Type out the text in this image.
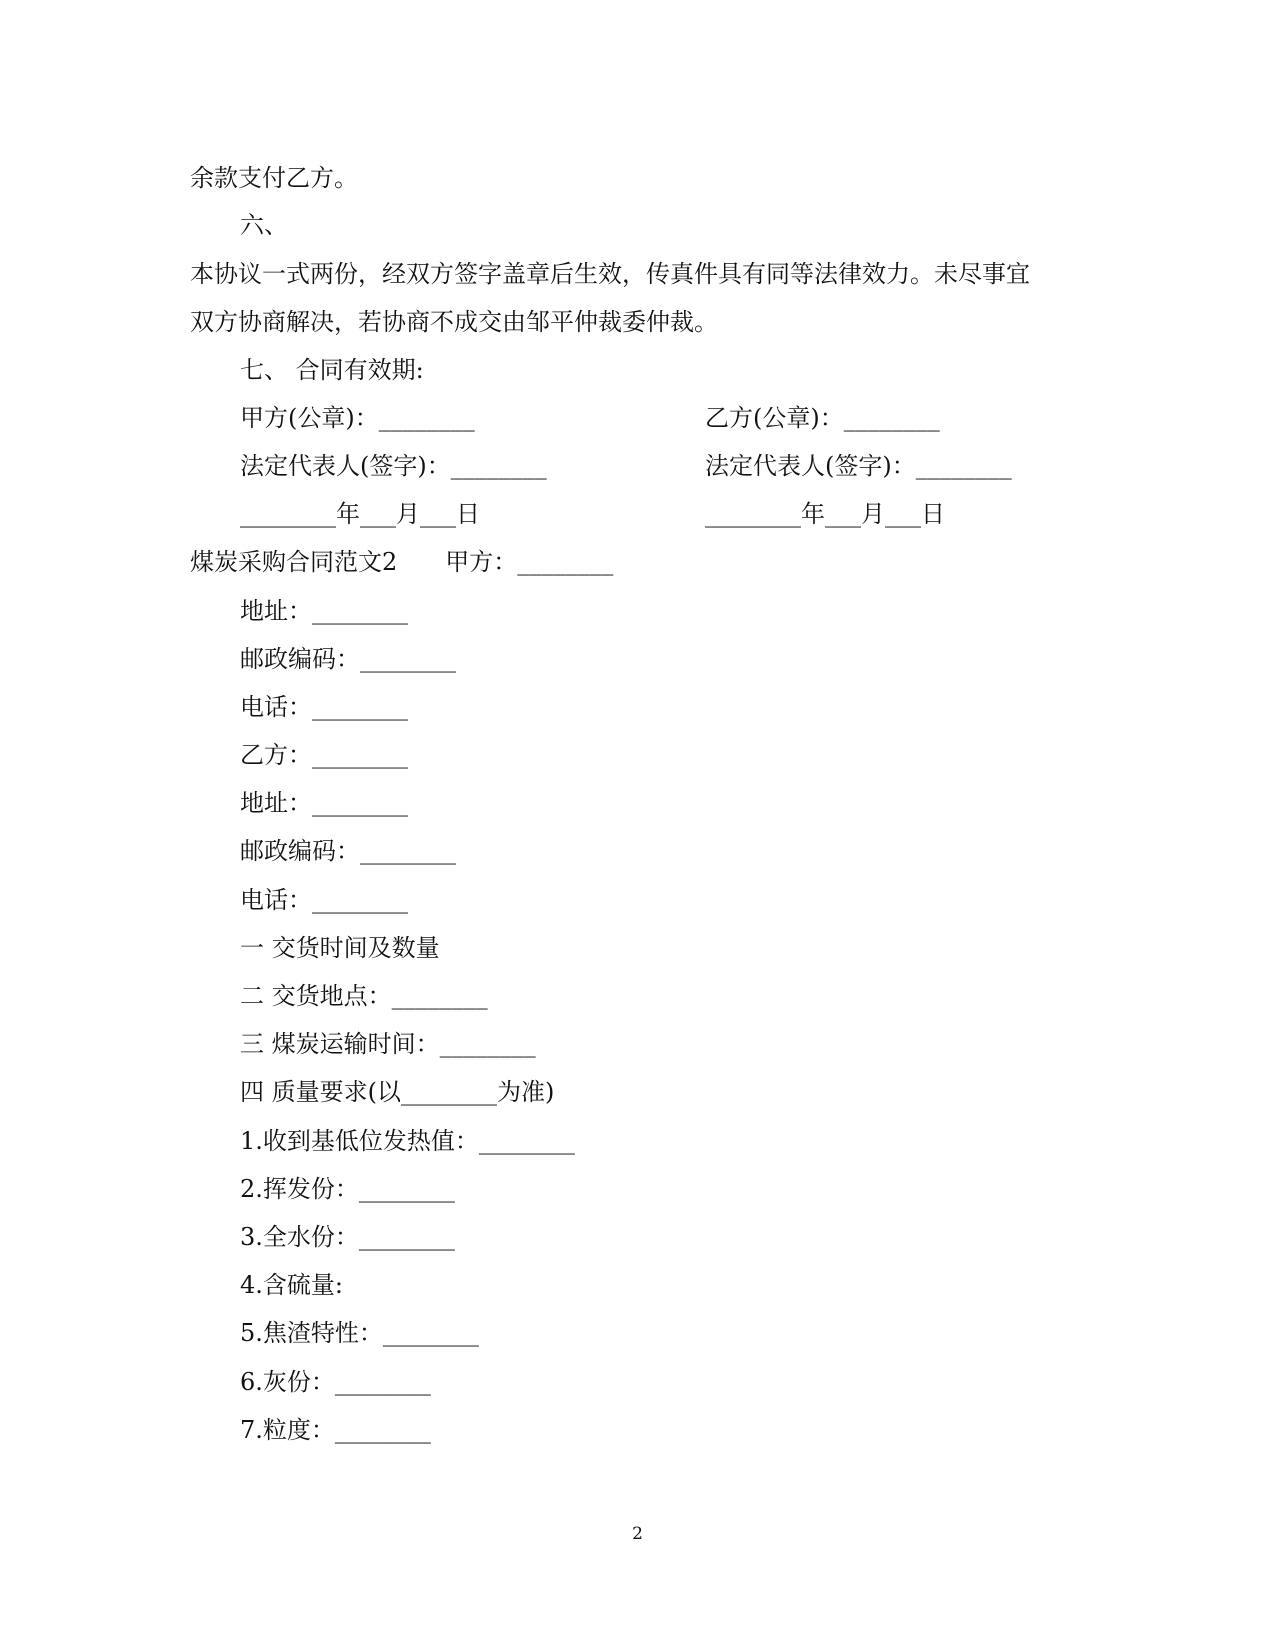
余款支付乙方。
六、
本协议一式两份，经双方签字盖章后生效，传真件具有同等法律效力。未尽事宜
双方协商解决，若协商不成交由邹平仲裁委仲裁。
七、 合同有效期:
甲方(公章)：________	乙方(公章)：________
法定代表人(签字)：________	法定代表人(签字)：________
________年___月___日	________年___月___日
煤炭采购合同范文2　　甲方：________
地址：________
邮政编码：________
电话：________
乙方：________
地址：________
邮政编码：________
电话：________
一 交货时间及数量
二 交货地点：________
三 煤炭运输时间：________
四 质量要求(以________为准)
1.收到基低位发热值：________
2.挥发份：________
3.全水份：________
4.含硫量:
5.焦渣特性：________
6.灰份：________
7.粒度：________
2
